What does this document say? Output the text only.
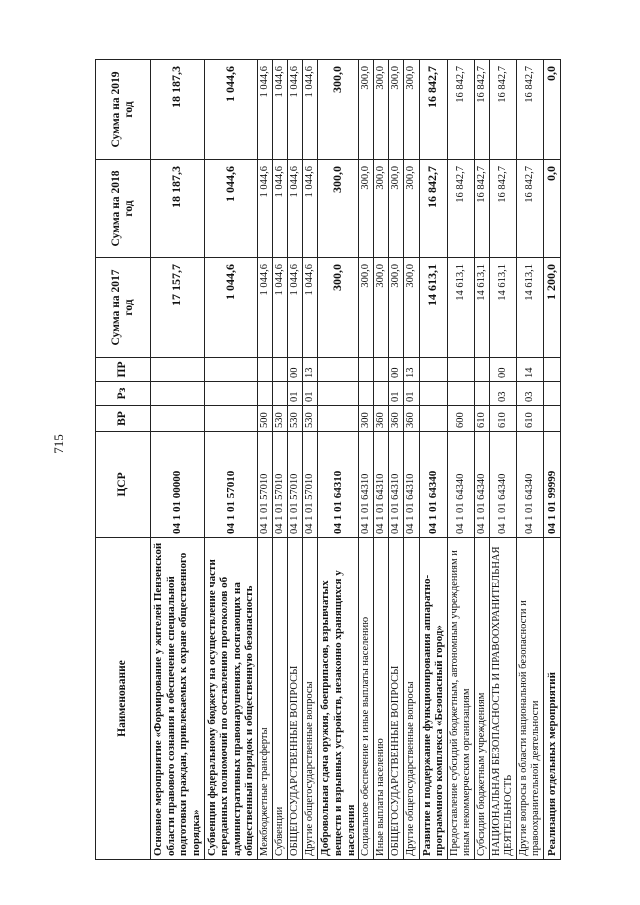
715
Наименование	ЦСР	ВР	Рз	ПР	Сумма на 2017 год	Сумма на 2018 год	Сумма на 2019 год
Основное мероприятие «Формирование у жителей Пензенской области правового сознания и обеспечение специальной подготовки граждан, привлекаемых к охране общественного порядка»	04 1 01 00000				17 157,7	18 187,3	18 187,3
Субвенции федеральному бюджету на осуществление части переданных полномочий по составлению протоколов об административных правонарушениях, посягающих на общественный порядок и общественную безопасность	04 1 01 57010				1 044,6	1 044,6	1 044,6
Межбюджетные трансферты	04 1 01 57010	500			1 044,6	1 044,6	1 044,6
Субвенции	04 1 01 57010	530			1 044,6	1 044,6	1 044,6
ОБЩЕГОСУДАРСТВЕННЫЕ ВОПРОСЫ	04 1 01 57010	530	01	00	1 044,6	1 044,6	1 044,6
Другие общегосударственные вопросы	04 1 01 57010	530	01	13	1 044,6	1 044,6	1 044,6
Добровольная сдача оружия, боеприпасов, взрывчатых веществ и взрывных устройств, незаконно хранящихся у населения	04 1 01 64310				300,0	300,0	300,0
Социальное обеспечение и иные выплаты населению	04 1 01 64310	300			300,0	300,0	300,0
Иные выплаты населению	04 1 01 64310	360			300,0	300,0	300,0
ОБЩЕГОСУДАРСТВЕННЫЕ ВОПРОСЫ	04 1 01 64310	360	01	00	300,0	300,0	300,0
Другие общегосударственные вопросы	04 1 01 64310	360	01	13	300,0	300,0	300,0
Развитие и поддержание функционирования аппаратно-программного комплекса «Безопасный город»	04 1 01 64340				14 613,1	16 842,7	16 842,7
Предоставление субсидий бюджетным, автономным учреждениям и иным некоммерческим организациям	04 1 01 64340	600			14 613,1	16 842,7	16 842,7
Субсидии бюджетным учреждениям	04 1 01 64340	610			14 613,1	16 842,7	16 842,7
НАЦИОНАЛЬНАЯ БЕЗОПАСНОСТЬ И ПРАВООХРАНИТЕЛЬНАЯ ДЕЯТЕЛЬНОСТЬ	04 1 01 64340	610	03	00	14 613,1	16 842,7	16 842,7
Другие вопросы в области национальной безопасности и правоохранительной деятельности	04 1 01 64340	610	03	14	14 613,1	16 842,7	16 842,7
Реализация отдельных мероприятий	04 1 01 99999				1 200,0	0,0	0,0
